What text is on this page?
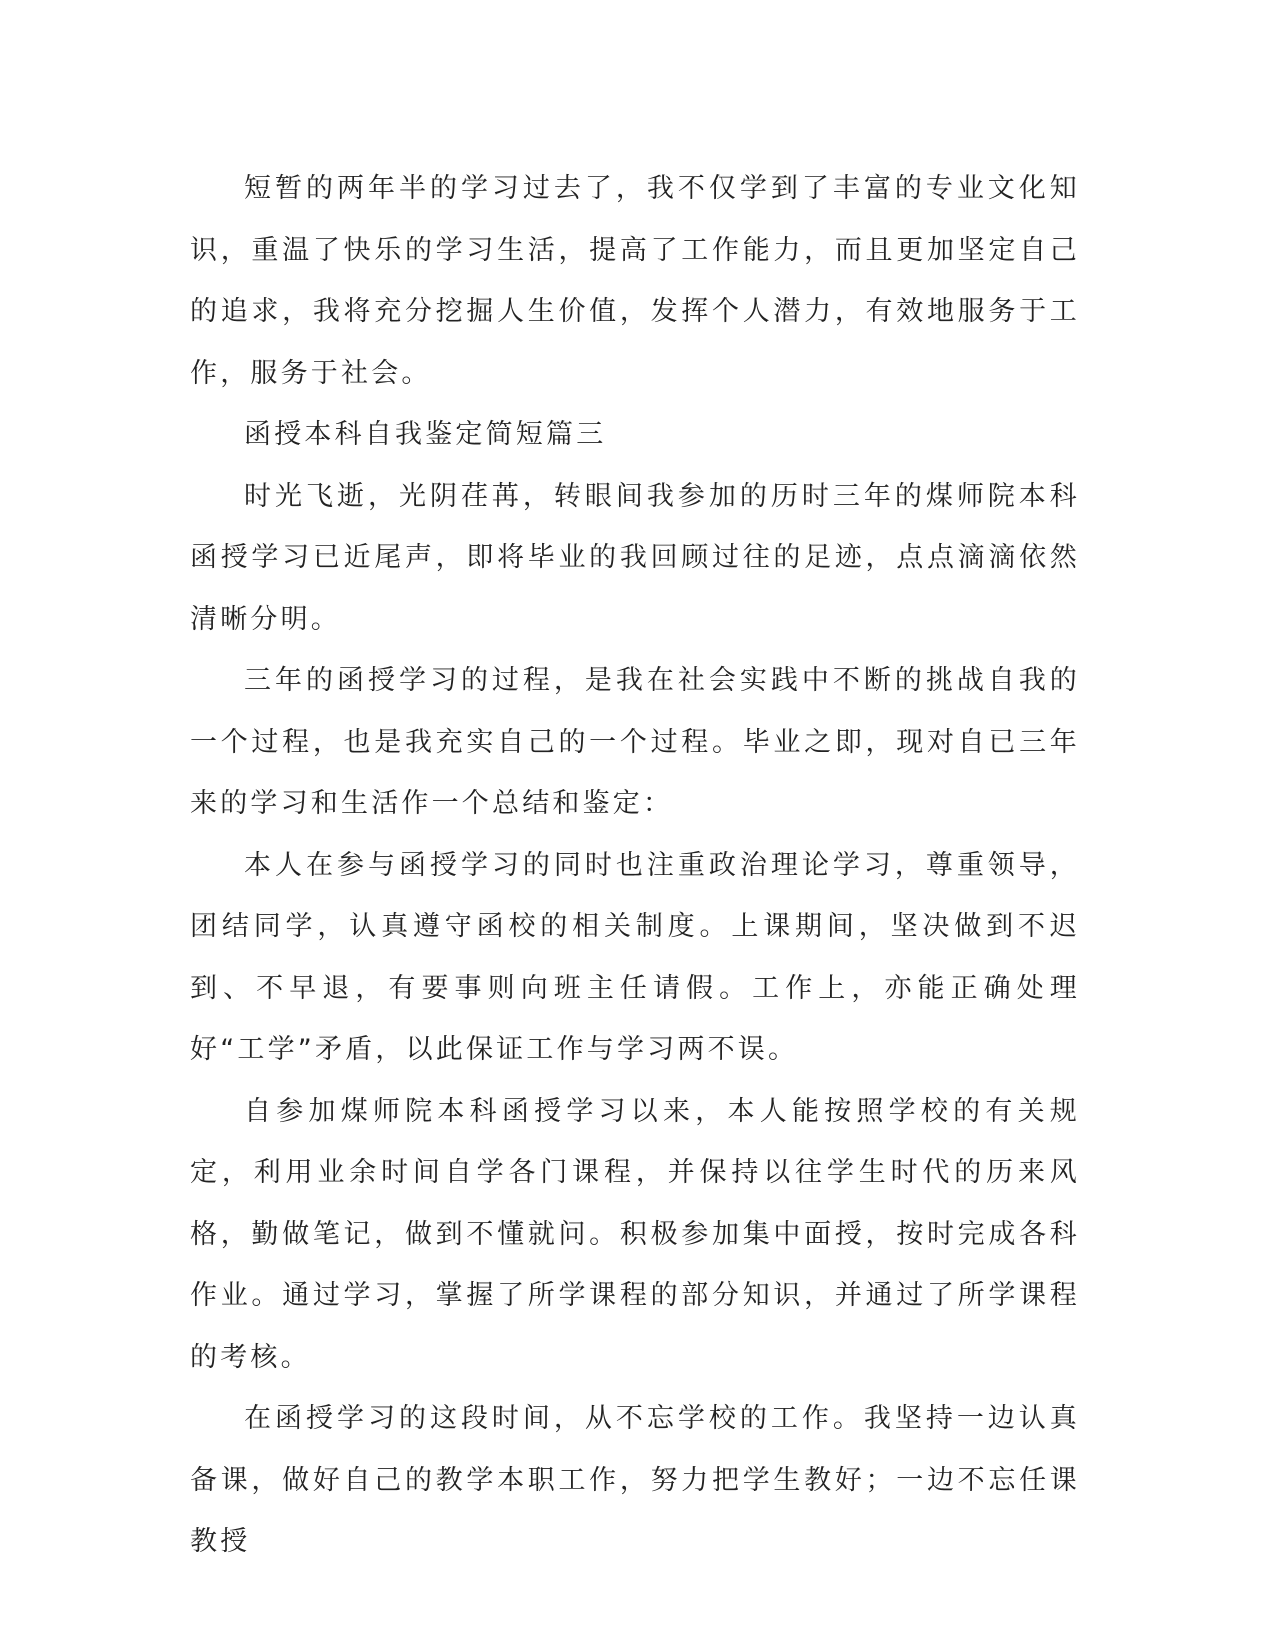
短暂的两年半的学习过去了，我不仅学到了丰富的专业文化知识，重温了快乐的学习生活，提高了工作能力，而且更加坚定自己的追求，我将充分挖掘人生价值，发挥个人潜力，有效地服务于工作，服务于社会。

函授本科自我鉴定简短篇三

时光飞逝，光阴荏苒，转眼间我参加的历时三年的煤师院本科函授学习已近尾声，即将毕业的我回顾过往的足迹，点点滴滴依然清晰分明。

三年的函授学习的过程，是我在社会实践中不断的挑战自我的一个过程，也是我充实自己的一个过程。毕业之即，现对自已三年来的学习和生活作一个总结和鉴定：

本人在参与函授学习的同时也注重政治理论学习，尊重领导，团结同学，认真遵守函校的相关制度。上课期间，坚决做到不迟到、不早退，有要事则向班主任请假。工作上，亦能正确处理好“工学”矛盾，以此保证工作与学习两不误。

自参加煤师院本科函授学习以来，本人能按照学校的有关规定，利用业余时间自学各门课程，并保持以往学生时代的历来风格，勤做笔记，做到不懂就问。积极参加集中面授，按时完成各科作业。通过学习，掌握了所学课程的部分知识，并通过了所学课程的考核。

在函授学习的这段时间，从不忘学校的工作。我坚持一边认真备课，做好自己的教学本职工作，努力把学生教好；一边不忘任课教授
